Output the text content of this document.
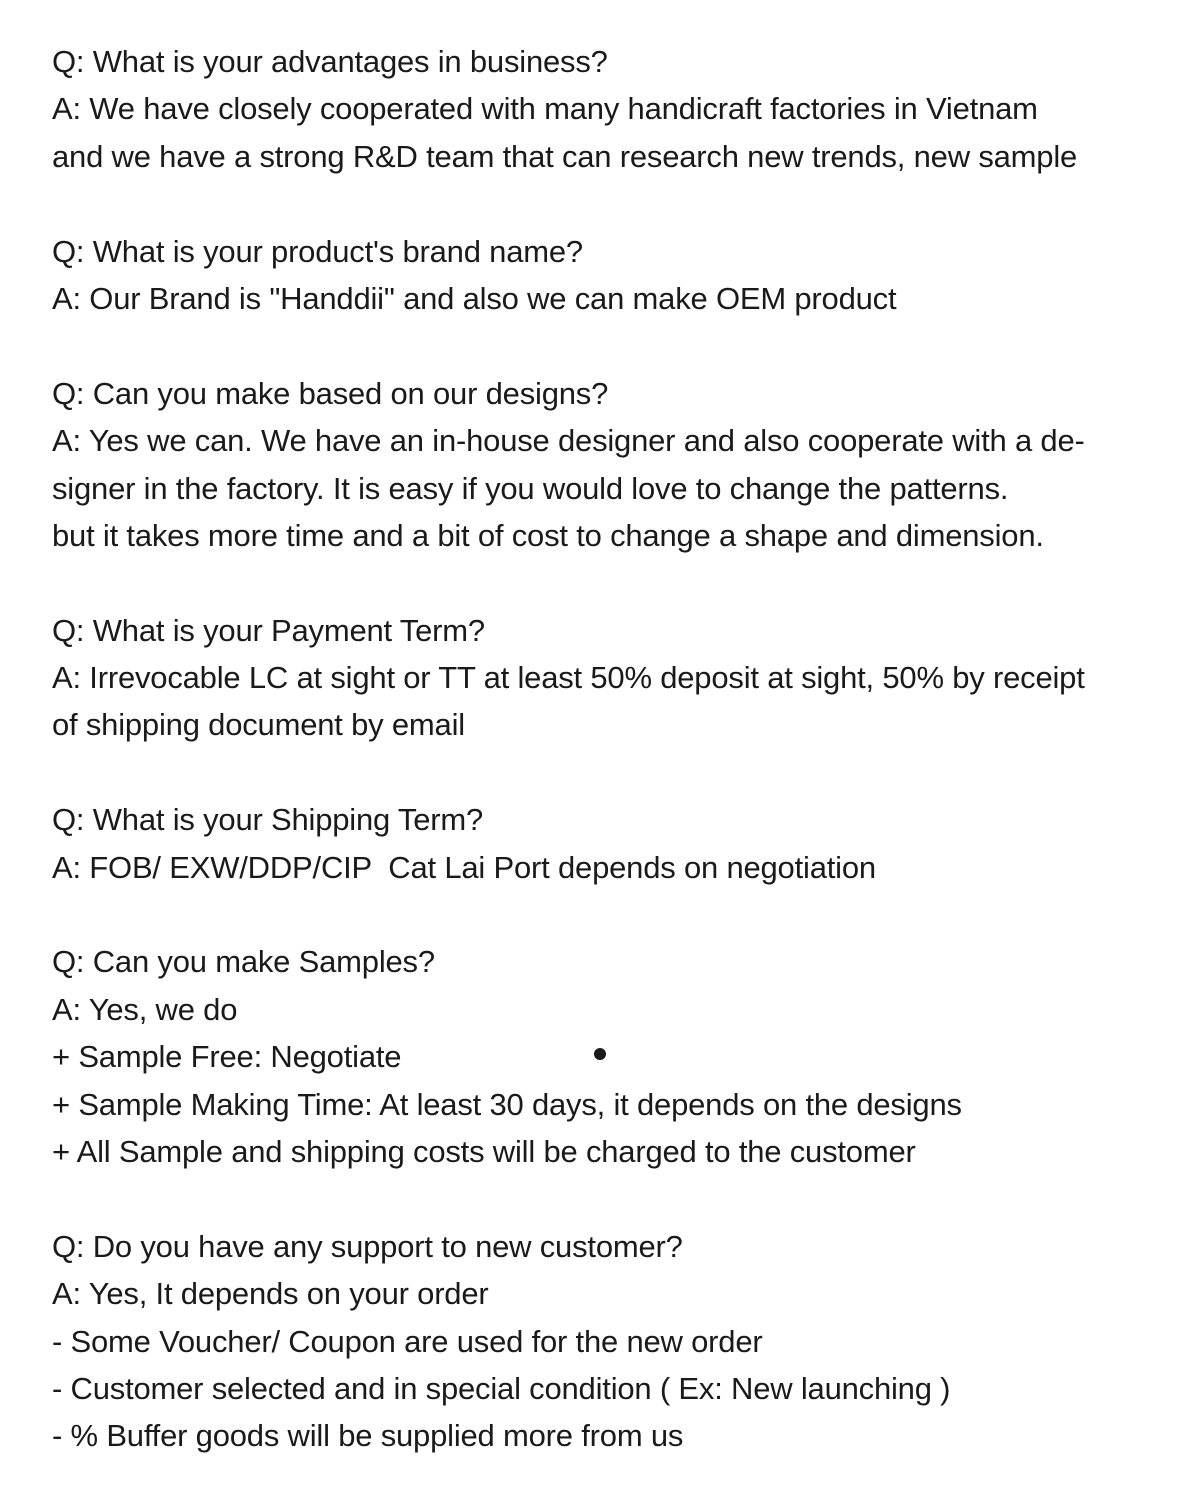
Q: What is your advantages in business?
A: We have closely cooperated with many handicraft factories in Vietnam
and we have a strong R&D team that can research new trends, new sample
Q: What is your product's brand name?
A: Our Brand is "Handdii" and also we can make OEM product
Q: Can you make based on our designs?
A: Yes we can. We have an in-house designer and also cooperate with a de-
signer in the factory. It is easy if you would love to change the patterns.
but it takes more time and a bit of cost to change a shape and dimension.
Q: What is your Payment Term?
A: Irrevocable LC at sight or TT at least 50% deposit at sight, 50% by receipt
of shipping document by email
Q: What is your Shipping Term?
A: FOB/ EXW/DDP/CIP  Cat Lai Port depends on negotiation
Q: Can you make Samples?
A: Yes, we do
+ Sample Free: Negotiate
+ Sample Making Time: At least 30 days, it depends on the designs
+ All Sample and shipping costs will be charged to the customer
Q: Do you have any support to new customer?
A: Yes, It depends on your order
- Some Voucher/ Coupon are used for the new order
- Customer selected and in special condition ( Ex: New launching )
- % Buffer goods will be supplied more from us
